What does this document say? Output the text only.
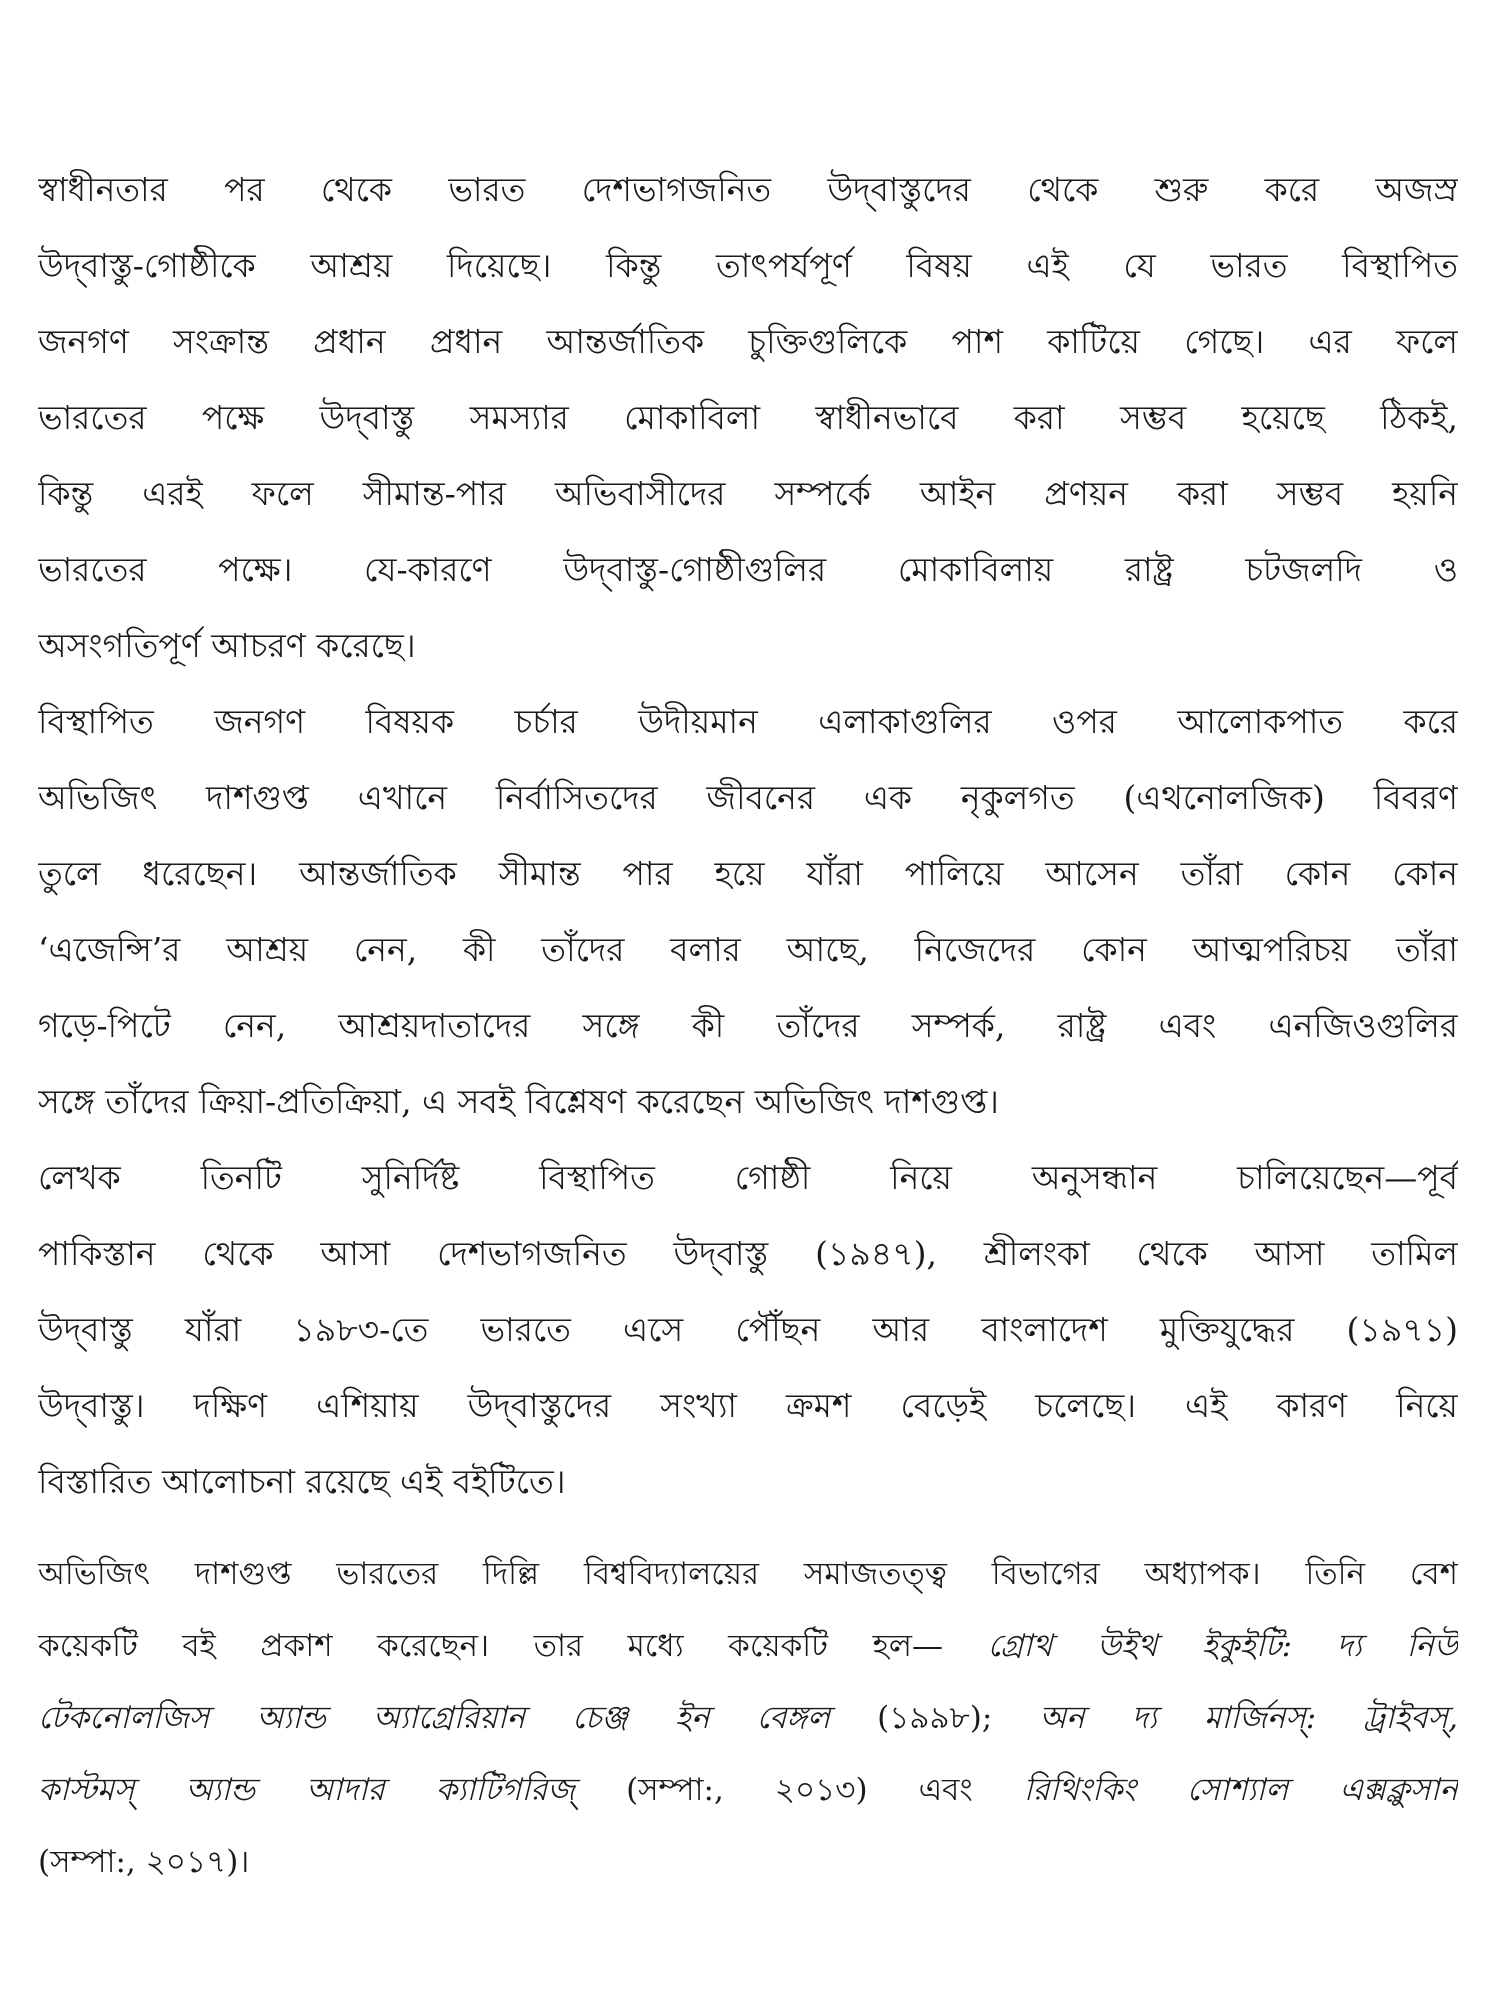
স্বাধীনতার পর থেকে ভারত দেশভাগজনিত উদ্‌বাস্তুদের থেকে শুরু করে অজস্র
উদ্‌বাস্তু-গোষ্ঠীকে আশ্রয় দিয়েছে। কিন্তু তাৎপর্যপূর্ণ বিষয় এই যে ভারত বিস্থাপিত
জনগণ সংক্রান্ত প্রধান প্রধান আন্তর্জাতিক চুক্তিগুলিকে পাশ কাটিয়ে গেছে। এর ফলে
ভারতের পক্ষে উদ্‌বাস্তু সমস্যার মোকাবিলা স্বাধীনভাবে করা সম্ভব হয়েছে ঠিকই,
কিন্তু এরই ফলে সীমান্ত-পার অভিবাসীদের সম্পর্কে আইন প্রণয়ন করা সম্ভব হয়নি
ভারতের পক্ষে। যে-কারণে উদ্‌বাস্তু-গোষ্ঠীগুলির মোকাবিলায় রাষ্ট্র চটজলদি ও
অসংগতিপূর্ণ আচরণ করেছে।
বিস্থাপিত জনগণ বিষয়ক চর্চার উদীয়মান এলাকাগুলির ওপর আলোকপাত করে
অভিজিৎ দাশগুপ্ত এখানে নির্বাসিতদের জীবনের এক নৃকুলগত (এথনোলজিক) বিবরণ
তুলে ধরেছেন। আন্তর্জাতিক সীমান্ত পার হয়ে যাঁরা পালিয়ে আসেন তাঁরা কোন কোন
‘এজেন্সি’র আশ্রয় নেন, কী তাঁদের বলার আছে, নিজেদের কোন আত্মপরিচয় তাঁরা
গড়ে-পিটে নেন, আশ্রয়দাতাদের সঙ্গে কী তাঁদের সম্পর্ক, রাষ্ট্র এবং এনজিওগুলির
সঙ্গে তাঁদের ক্রিয়া-প্রতিক্রিয়া, এ সবই বিশ্লেষণ করেছেন অভিজিৎ দাশগুপ্ত।
লেখক তিনটি সুনির্দিষ্ট বিস্থাপিত গোষ্ঠী নিয়ে অনুসন্ধান চালিয়েছেন—পূর্ব
পাকিস্তান থেকে আসা দেশভাগজনিত উদ্‌বাস্তু (১৯৪৭), শ্রীলংকা থেকে আসা তামিল
উদ্‌বাস্তু যাঁরা ১৯৮৩-তে ভারতে এসে পৌঁছন আর বাংলাদেশ মুক্তিযুদ্ধের (১৯৭১)
উদ্‌বাস্তু। দক্ষিণ এশিয়ায় উদ্‌বাস্তুদের সংখ্যা ক্রমশ বেড়েই চলেছে। এই কারণ নিয়ে
বিস্তারিত আলোচনা রয়েছে এই বইটিতে।
অভিজিৎ দাশগুপ্ত ভারতের দিল্লি বিশ্ববিদ্যালয়ের সমাজতত্ত্ব বিভাগের অধ্যাপক। তিনি বেশ
কয়েকটি বই প্রকাশ করেছেন। তার মধ্যে কয়েকটি হল— গ্রোথ উইথ ইকুইটি: দ্য নিউ
টেকনোলজিস অ্যান্ড অ্যাগ্রেরিয়ান চেঞ্জ ইন বেঙ্গল (১৯৯৮); অন দ্য মার্জিনস্: ট্রাইবস্,
কাস্টমস্ অ্যান্ড আদার ক্যাটিগরিজ্ (সম্পা:, ২০১৩) এবং রিথিংকিং সোশ্যাল এক্সক্লুসান
(সম্পা:, ২০১৭)।
